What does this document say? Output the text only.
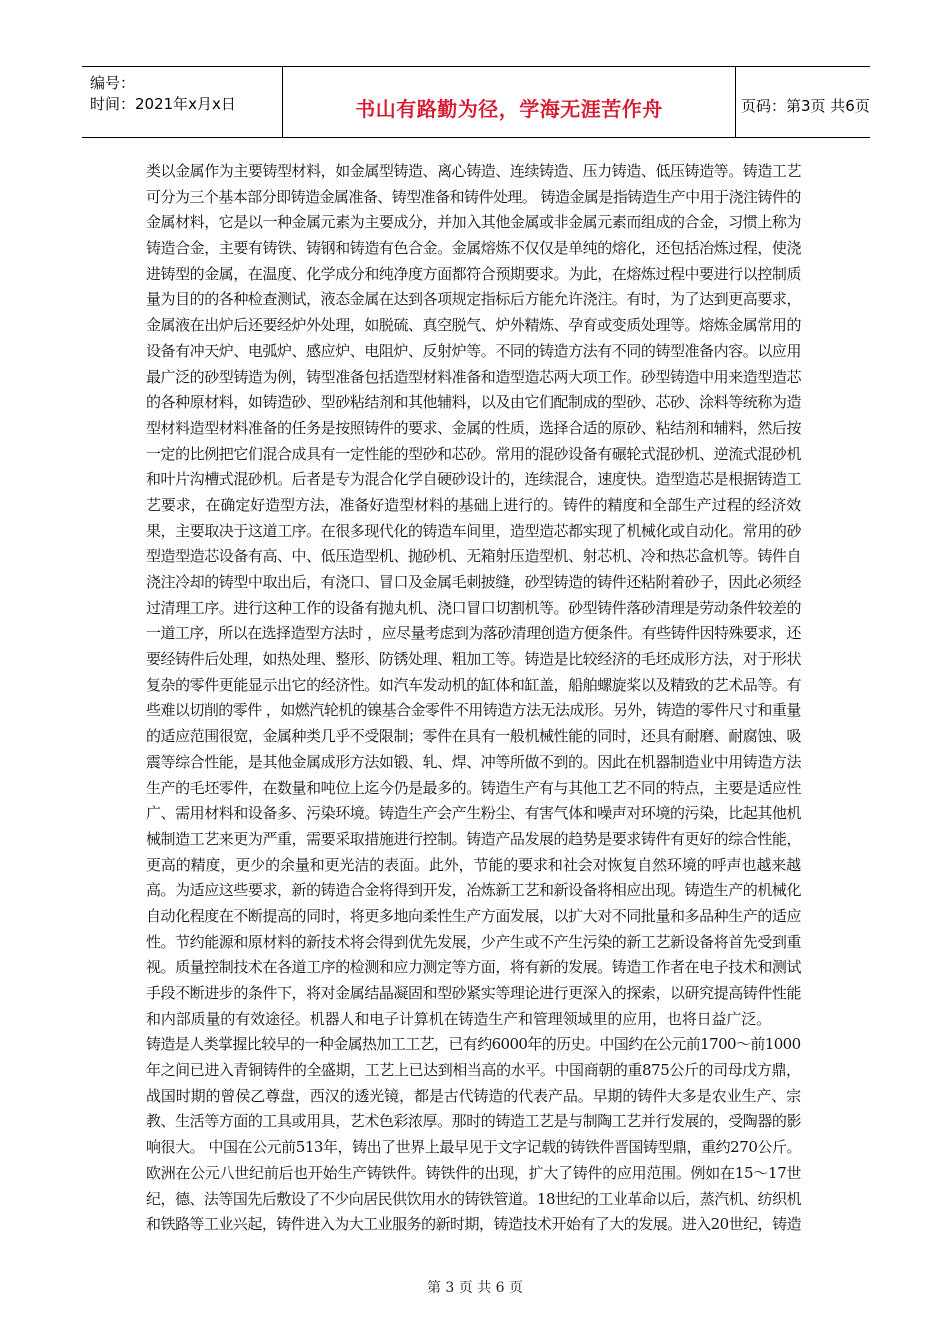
编号：
时间：2021年x月x日	书山有路勤为径，学海无涯苦作舟	页码：第3页 共6页
类以金属作为主要铸型材料，如金属型铸造、离心铸造、连续铸造、压力铸造、低压铸造等。铸造工艺
可分为三个基本部分即铸造金属准备、铸型准备和铸件处理。 铸造金属是指铸造生产中用于浇注铸件的
金属材料，它是以一种金属元素为主要成分，并加入其他金属或非金属元素而组成的合金，习惯上称为
铸造合金，主要有铸铁、铸钢和铸造有色合金。金属熔炼不仅仅是单纯的熔化，还包括冶炼过程，使浇
进铸型的金属，在温度、化学成分和纯净度方面都符合预期要求。为此，在熔炼过程中要进行以控制质
量为目的的各种检查测试，液态金属在达到各项规定指标后方能允许浇注。有时，为了达到更高要求，
金属液在出炉后还要经炉外处理，如脱硫、真空脱气、炉外精炼、孕育或变质处理等。熔炼金属常用的
设备有冲天炉、电弧炉、感应炉、电阻炉、反射炉等。不同的铸造方法有不同的铸型准备内容。以应用
最广泛的砂型铸造为例，铸型准备包括造型材料准备和造型造芯两大项工作。砂型铸造中用来造型造芯
的各种原材料，如铸造砂、型砂粘结剂和其他辅料，以及由它们配制成的型砂、芯砂、涂料等统称为造
型材料造型材料准备的任务是按照铸件的要求、金属的性质，选择合适的原砂、粘结剂和辅料，然后按
一定的比例把它们混合成具有一定性能的型砂和芯砂。常用的混砂设备有碾轮式混砂机、逆流式混砂机
和叶片沟槽式混砂机。后者是专为混合化学自硬砂设计的，连续混合，速度快。造型造芯是根据铸造工
艺要求，在确定好造型方法，准备好造型材料的基础上进行的。铸件的精度和全部生产过程的经济效
果，主要取决于这道工序。在很多现代化的铸造车间里，造型造芯都实现了机械化或自动化。常用的砂
型造型造芯设备有高、中、低压造型机、抛砂机、无箱射压造型机、射芯机、冷和热芯盒机等。铸件自
浇注冷却的铸型中取出后，有浇口、冒口及金属毛刺披缝，砂型铸造的铸件还粘附着砂子，因此必须经
过清理工序。进行这种工作的设备有抛丸机、浇口冒口切割机等。砂型铸件落砂清理是劳动条件较差的
一道工序，所以在选择造型方法时 ，应尽量考虑到为落砂清理创造方便条件。有些铸件因特殊要求，还
要经铸件后处理，如热处理、整形、防锈处理、粗加工等。铸造是比较经济的毛坯成形方法，对于形状
复杂的零件更能显示出它的经济性。如汽车发动机的缸体和缸盖，船舶螺旋桨以及精致的艺术品等。有
些难以切削的零件 ，如燃汽轮机的镍基合金零件不用铸造方法无法成形。另外，铸造的零件尺寸和重量
的适应范围很宽，金属种类几乎不受限制；零件在具有一般机械性能的同时，还具有耐磨、耐腐蚀、吸
震等综合性能，是其他金属成形方法如锻、轧、焊、冲等所做不到的。因此在机器制造业中用铸造方法
生产的毛坯零件，在数量和吨位上迄今仍是最多的。铸造生产有与其他工艺不同的特点，主要是适应性
广、需用材料和设备多、污染环境。铸造生产会产生粉尘、有害气体和噪声对环境的污染，比起其他机
械制造工艺来更为严重，需要采取措施进行控制。铸造产品发展的趋势是要求铸件有更好的综合性能，
更高的精度，更少的余量和更光洁的表面。此外，节能的要求和社会对恢复自然环境的呼声也越来越
高。为适应这些要求，新的铸造合金将得到开发，冶炼新工艺和新设备将相应出现。铸造生产的机械化
自动化程度在不断提高的同时，将更多地向柔性生产方面发展，以扩大对不同批量和多品种生产的适应
性。节约能源和原材料的新技术将会得到优先发展，少产生或不产生污染的新工艺新设备将首先受到重
视。质量控制技术在各道工序的检测和应力测定等方面，将有新的发展。铸造工作者在电子技术和测试
手段不断进步的条件下，将对金属结晶凝固和型砂紧实等理论进行更深入的探索，以研究提高铸件性能
和内部质量的有效途径。机器人和电子计算机在铸造生产和管理领域里的应用，也将日益广泛。
铸造是人类掌握比较早的一种金属热加工工艺，已有约6000年的历史。中国约在公元前1700～前1000
年之间已进入青铜铸件的全盛期，工艺上已达到相当高的水平。中国商朝的重875公斤的司母戊方鼎，
战国时期的曾侯乙尊盘，西汉的透光镜，都是古代铸造的代表产品。早期的铸件大多是农业生产、宗
教、生活等方面的工具或用具，艺术色彩浓厚。那时的铸造工艺是与制陶工艺并行发展的，受陶器的影
响很大。 中国在公元前513年，铸出了世界上最早见于文字记载的铸铁件晋国铸型鼎，重约270公斤。
欧洲在公元八世纪前后也开始生产铸铁件。铸铁件的出现，扩大了铸件的应用范围。例如在15～17世
纪，德、法等国先后敷设了不少向居民供饮用水的铸铁管道。18世纪的工业革命以后，蒸汽机、纺织机
和铁路等工业兴起，铸件进入为大工业服务的新时期，铸造技术开始有了大的发展。进入20世纪，铸造
第 3 页 共 6 页
